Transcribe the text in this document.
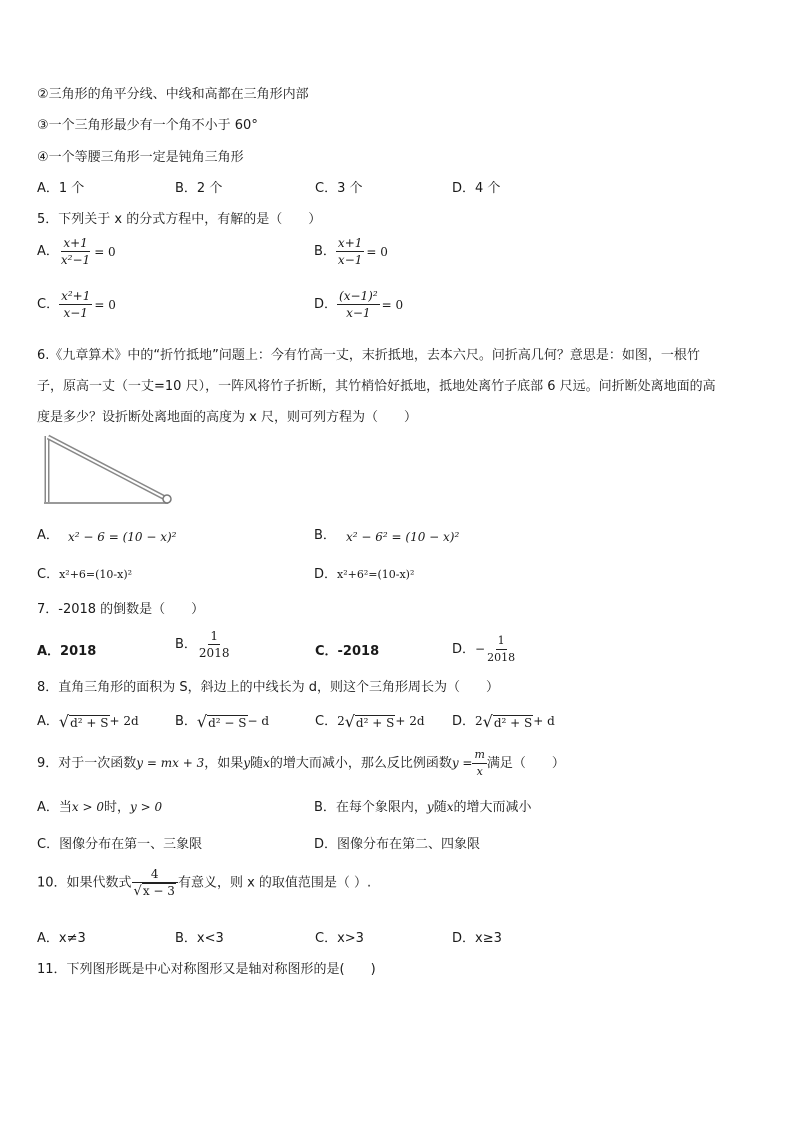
②三角形的角平分线、中线和高都在三角形内部
③一个三角形最少有一个角不小于 60°
④一个等腰三角形一定是钝角三角形
A．1 个	B．2 个	C．3 个	D．4 个
5．下列关于 x 的分式方程中，有解的是（　　）
A． $\frac{x+1}{\text{x²−1}} = 0$	B． $\frac{x+1}{x-1} = 0$
C． $\frac{\text{x²+1}}{x-1} = 0$	D． $\frac{\text{(x−1)²}}{x-1} = 0$
6.《九章算术》中的“折竹抵地”问题上：今有竹高一丈，末折抵地，去本六尺。问折高几何？意思是：如图，一根竹
子，原高一丈（一丈=10 尺），一阵风将竹子折断，其竹梢恰好抵地，抵地处离竹子底部 6 尺远。问折断处离地面的高
度是多少？设折断处离地面的高度为 x 尺，则可列方程为（　　）
A． x² − 6 = (10 − x)²	B． x² − 6² = (10 − x)²
C．x²+6=(10-x)²	D．x²+6²=(10-x)²
7．-2018 的倒数是（　　）
A．2018	B． $\frac{1}{2018}$	C．-2018	D．− $\frac{1}{2018}$
8．直角三角形的面积为 S，斜边上的中线长为 d，则这个三角形周长为（　　）
A．√d² + S+ 2d	B．√d² − S− d	C．2√d² + S+ 2d D．2√d² + S+ d
9．对于一次函数y = mx + 3，如果y随x的增大而减小，那么反比例函数$y = \frac{m}{x}$ 满足（　　）
A．当x > 0时，y > 0	B．在每个象限内，y随x的增大而减小
C．图像分布在第一、三象限	D．图像分布在第二、四象限
10．如果代数式 $\frac{4}{√x - 3}$ 有意义，则 x 的取值范围是（ ）.
A．x≠3	B．x<3	C．x>3	D．x≥3
11．下列图形既是中心对称图形又是轴对称图形的是(　　)
